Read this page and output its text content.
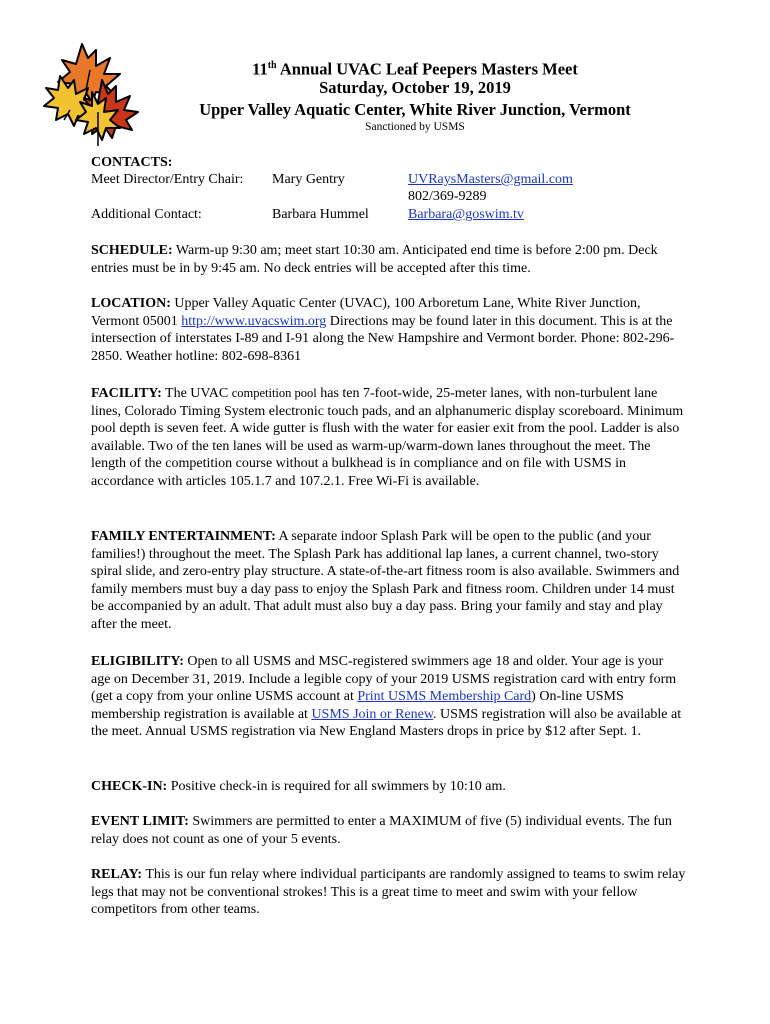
11th Annual UVAC Leaf Peepers Masters Meet
Saturday, October 19, 2019
Upper Valley Aquatic Center, White River Junction, Vermont
Sanctioned by USMS
CONTACTS:
Meet Director/Entry Chair: Mary Gentry	UVRaysMasters@gmail.com
802/369-9289
Additional Contact:	Barbara Hummel	Barbara@goswim.tv

SCHEDULE: Warm-up 9:30 am; meet start 10:30 am. Anticipated end time is before 2:00 pm. Deck entries must be in by 9:45 am. No deck entries will be accepted after this time.

LOCATION: Upper Valley Aquatic Center (UVAC), 100 Arboretum Lane, White River Junction, Vermont 05001 http://www.uvacswim.org Directions may be found later in this document. This is at the intersection of interstates I-89 and I-91 along the New Hampshire and Vermont border. Phone: 802-296-2850. Weather hotline: 802-698-8361

FACILITY: The UVAC competition pool has ten 7-foot-wide, 25-meter lanes, with non-turbulent lane lines, Colorado Timing System electronic touch pads, and an alphanumeric display scoreboard. Minimum pool depth is seven feet. A wide gutter is flush with the water for easier exit from the pool. Ladder is also available. Two of the ten lanes will be used as warm-up/warm-down lanes throughout the meet. The length of the competition course without a bulkhead is in compliance and on file with USMS in accordance with articles 105.1.7 and 107.2.1. Free Wi-Fi is available.

FAMILY ENTERTAINMENT: A separate indoor Splash Park will be open to the public (and your families!) throughout the meet. The Splash Park has additional lap lanes, a current channel, two-story spiral slide, and zero-entry play structure. A state-of-the-art fitness room is also available. Swimmers and family members must buy a day pass to enjoy the Splash Park and fitness room. Children under 14 must be accompanied by an adult. That adult must also buy a day pass. Bring your family and stay and play after the meet.

ELIGIBILITY: Open to all USMS and MSC-registered swimmers age 18 and older. Your age is your age on December 31, 2019. Include a legible copy of your 2019 USMS registration card with entry form (get a copy from your online USMS account at Print USMS Membership Card) On-line USMS membership registration is available at USMS Join or Renew. USMS registration will also be available at the meet. Annual USMS registration via New England Masters drops in price by $12 after Sept. 1.

CHECK-IN: Positive check-in is required for all swimmers by 10:10 am.

EVENT LIMIT: Swimmers are permitted to enter a MAXIMUM of five (5) individual events. The fun relay does not count as one of your 5 events.

RELAY: This is our fun relay where individual participants are randomly assigned to teams to swim relay legs that may not be conventional strokes! This is a great time to meet and swim with your fellow competitors from other teams.
